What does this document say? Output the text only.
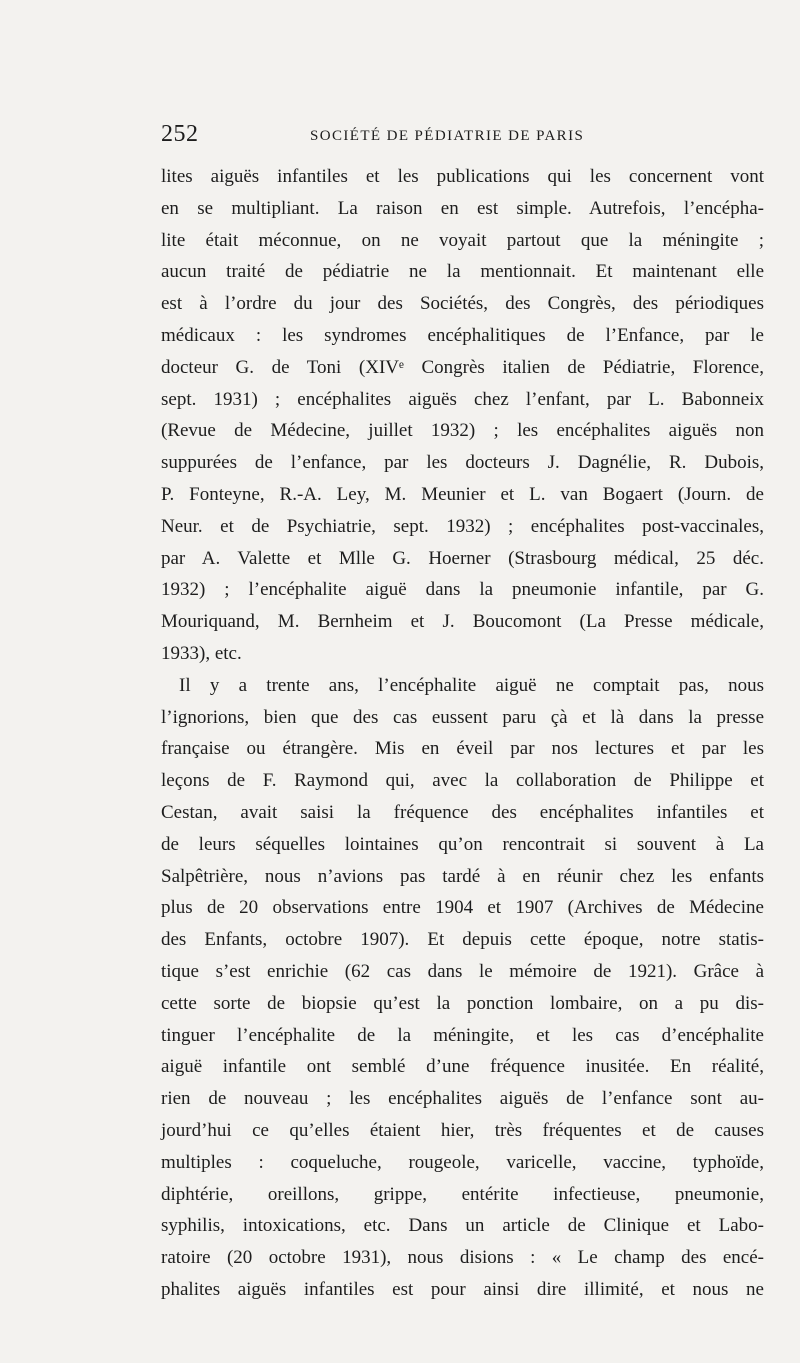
252	SOCIÉTÉ DE PÉDIATRIE DE PARIS
lites aiguës infantiles et les publications qui les concernent vont
en se multipliant. La raison en est simple. Autrefois, l’encépha-
lite était méconnue, on ne voyait partout que la méningite ;
aucun traité de pédiatrie ne la mentionnait. Et maintenant elle
est à l’ordre du jour des Sociétés, des Congrès, des périodiques
médicaux : les syndromes encéphalitiques de l’Enfance, par le
docteur G. de Toni (XIVᵉ Congrès italien de Pédiatrie, Florence,
sept. 1931) ; encéphalites aiguës chez l’enfant, par L. Babonneix
(Revue de Médecine, juillet 1932) ; les encéphalites aiguës non
suppurées de l’enfance, par les docteurs J. Dagnélie, R. Dubois,
P. Fonteyne, R.-A. Ley, M. Meunier et L. van Bogaert (Journ. de
Neur. et de Psychiatrie, sept. 1932) ; encéphalites post-vaccinales,
par A. Valette et Mlle G. Hoerner (Strasbourg médical, 25 déc.
1932) ; l’encéphalite aiguë dans la pneumonie infantile, par G.
Mouriquand, M. Bernheim et J. Boucomont (La Presse médicale,
1933), etc.
Il y a trente ans, l’encéphalite aiguë ne comptait pas, nous
l’ignorions, bien que des cas eussent paru çà et là dans la presse
française ou étrangère. Mis en éveil par nos lectures et par les
leçons de F. Raymond qui, avec la collaboration de Philippe et
Cestan, avait saisi la fréquence des encéphalites infantiles et
de leurs séquelles lointaines qu’on rencontrait si souvent à La
Salpêtrière, nous n’avions pas tardé à en réunir chez les enfants
plus de 20 observations entre 1904 et 1907 (Archives de Médecine
des Enfants, octobre 1907). Et depuis cette époque, notre statis-
tique s’est enrichie (62 cas dans le mémoire de 1921). Grâce à
cette sorte de biopsie qu’est la ponction lombaire, on a pu dis-
tinguer l’encéphalite de la méningite, et les cas d’encéphalite
aiguë infantile ont semblé d’une fréquence inusitée. En réalité,
rien de nouveau ; les encéphalites aiguës de l’enfance sont au-
jourd’hui ce qu’elles étaient hier, très fréquentes et de causes
multiples : coqueluche, rougeole, varicelle, vaccine, typhoïde,
diphtérie, oreillons, grippe, entérite infectieuse, pneumonie,
syphilis, intoxications, etc. Dans un article de Clinique et Labo-
ratoire (20 octobre 1931), nous disions : « Le champ des encé-
phalites aiguës infantiles est pour ainsi dire illimité, et nous ne
